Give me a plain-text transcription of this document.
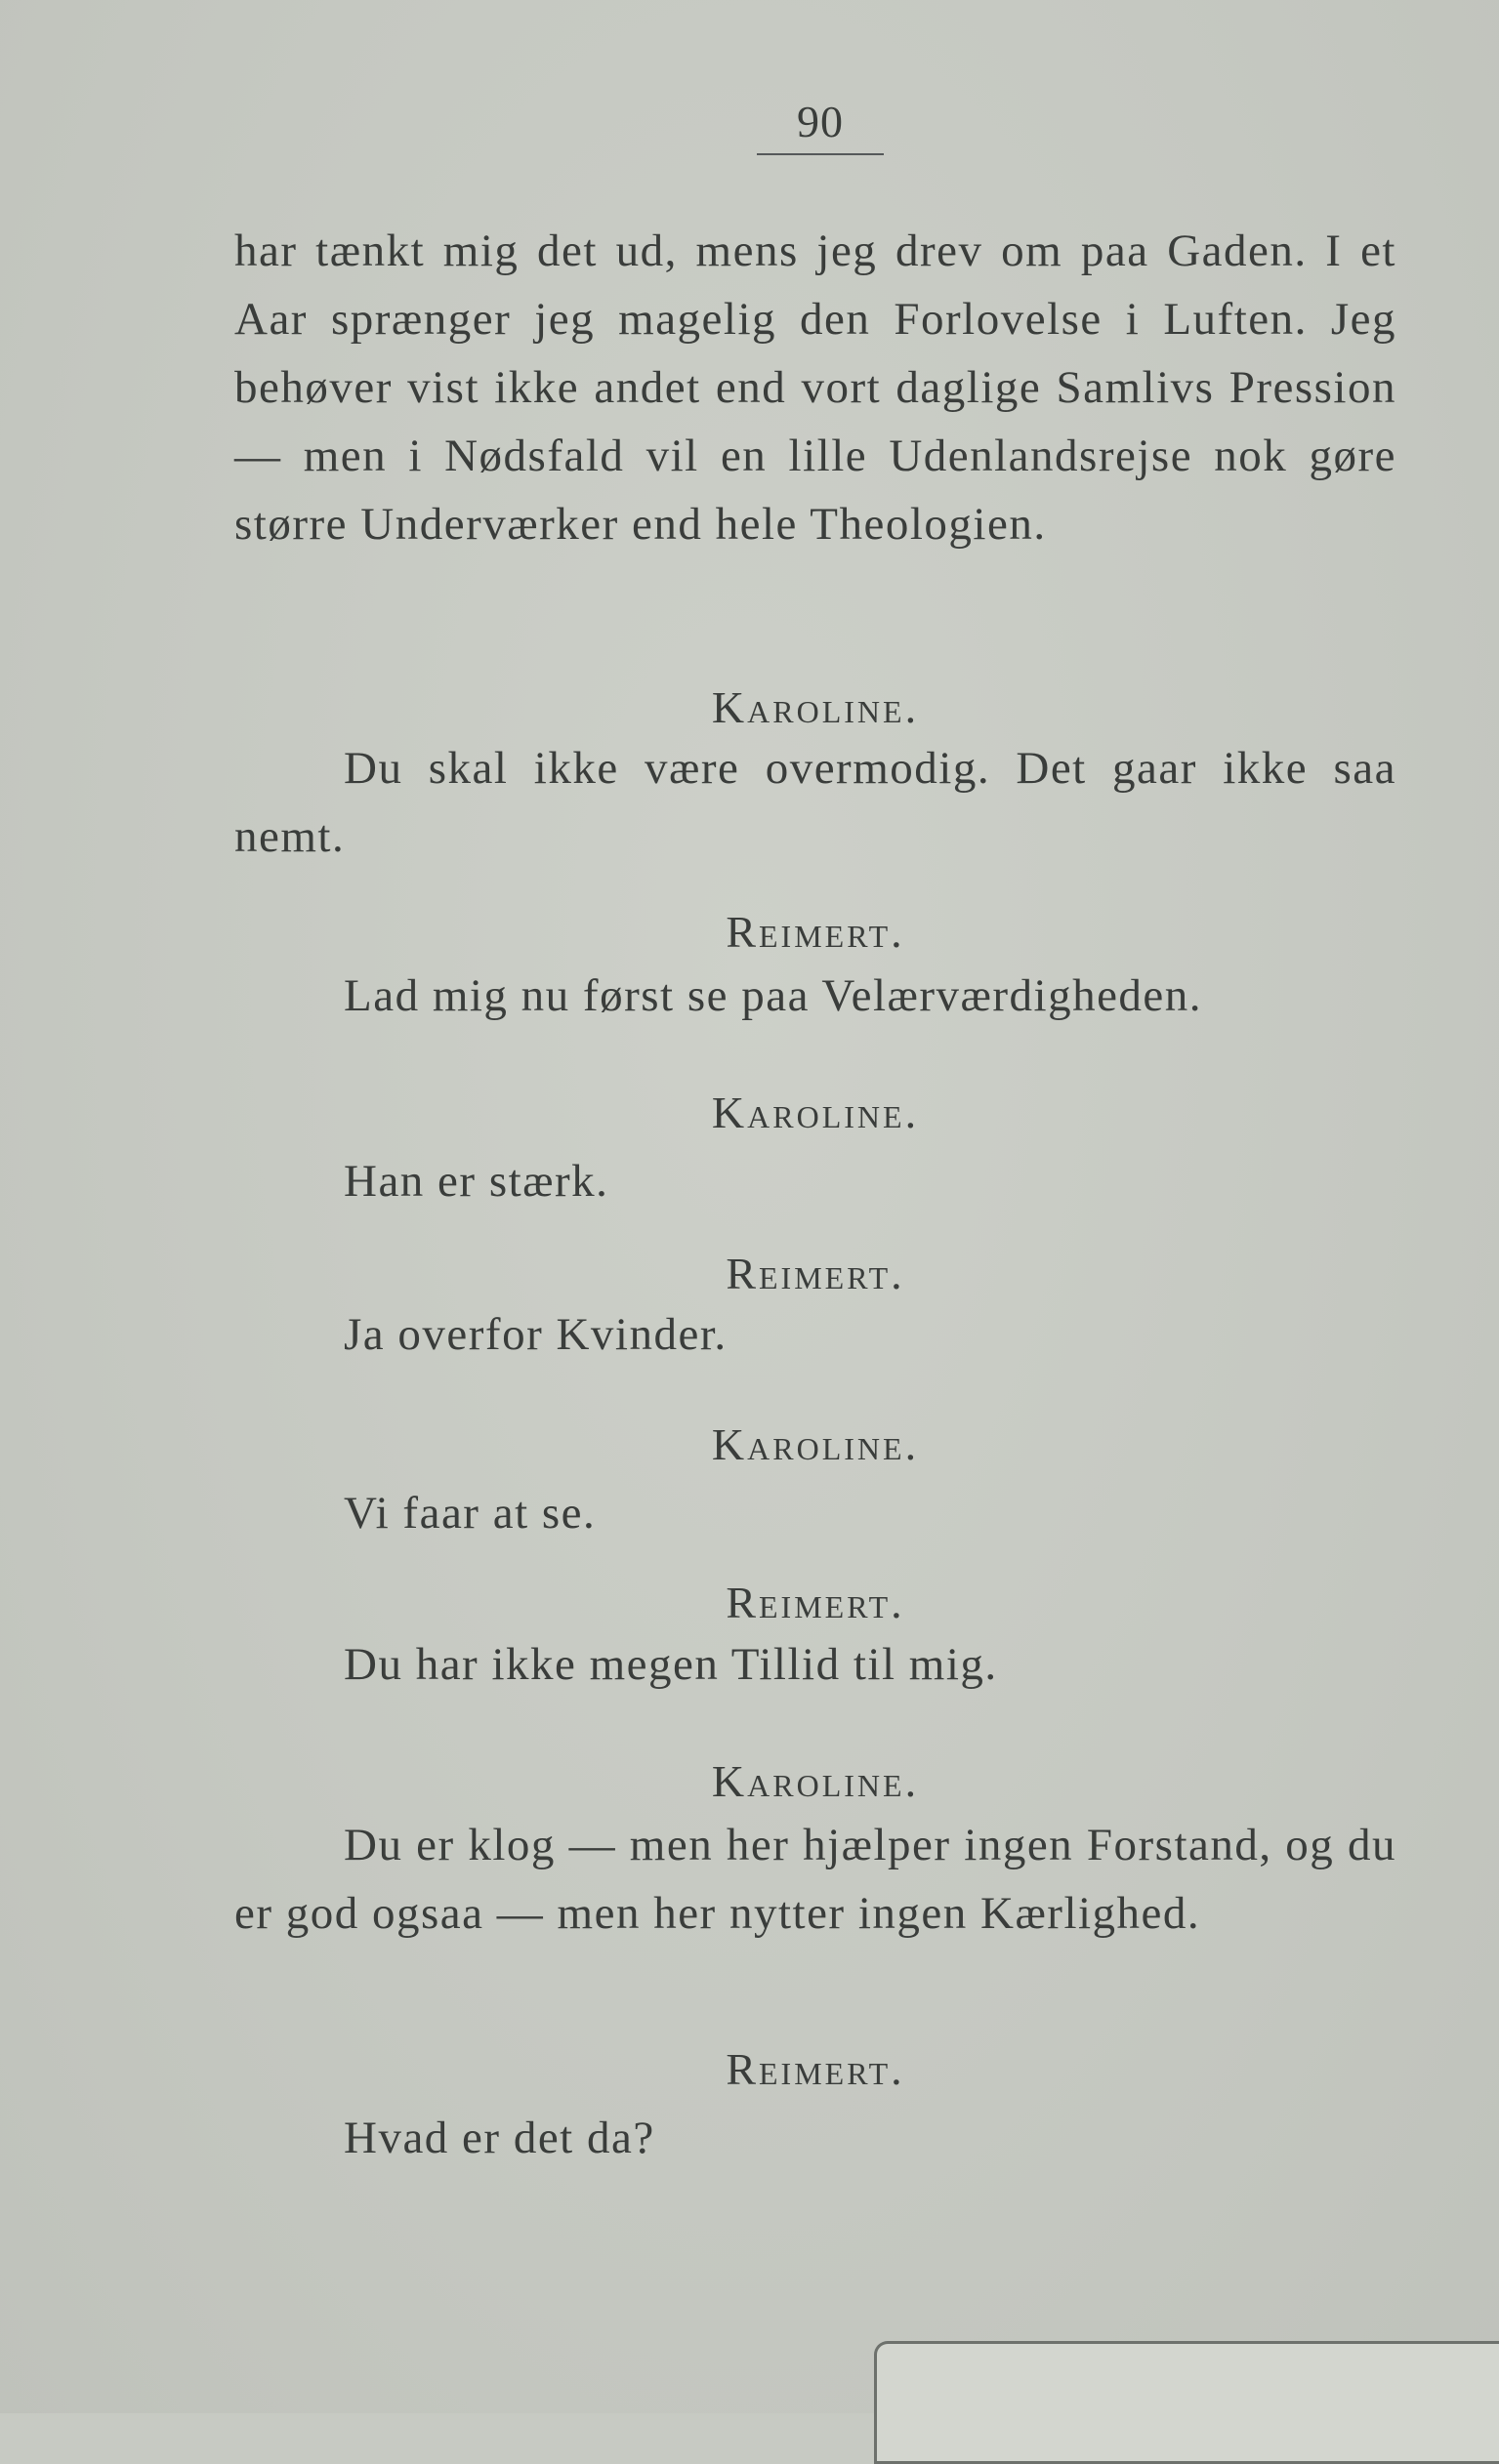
90

har tænkt mig det ud, mens jeg drev om paa Gaden. I et Aar sprænger jeg magelig den Forlovelse i Luften. Jeg behøver vist ikke andet end vort daglige Samlivs Pression — men i Nødsfald vil en lille Udenlandsrejse nok gøre større Underværker end hele Theologien.

Karoline.

Du skal ikke være overmodig. Det gaar ikke saa nemt.

Reimert.

Lad mig nu først se paa Velærværdigheden.

Karoline.

Han er stærk.

Reimert.

Ja overfor Kvinder.

Karoline.

Vi faar at se.

Reimert.

Du har ikke megen Tillid til mig.

Karoline.

Du er klog — men her hjælper ingen Forstand, og du er god ogsaa — men her nytter ingen Kærlighed.

Reimert.

Hvad er det da?
